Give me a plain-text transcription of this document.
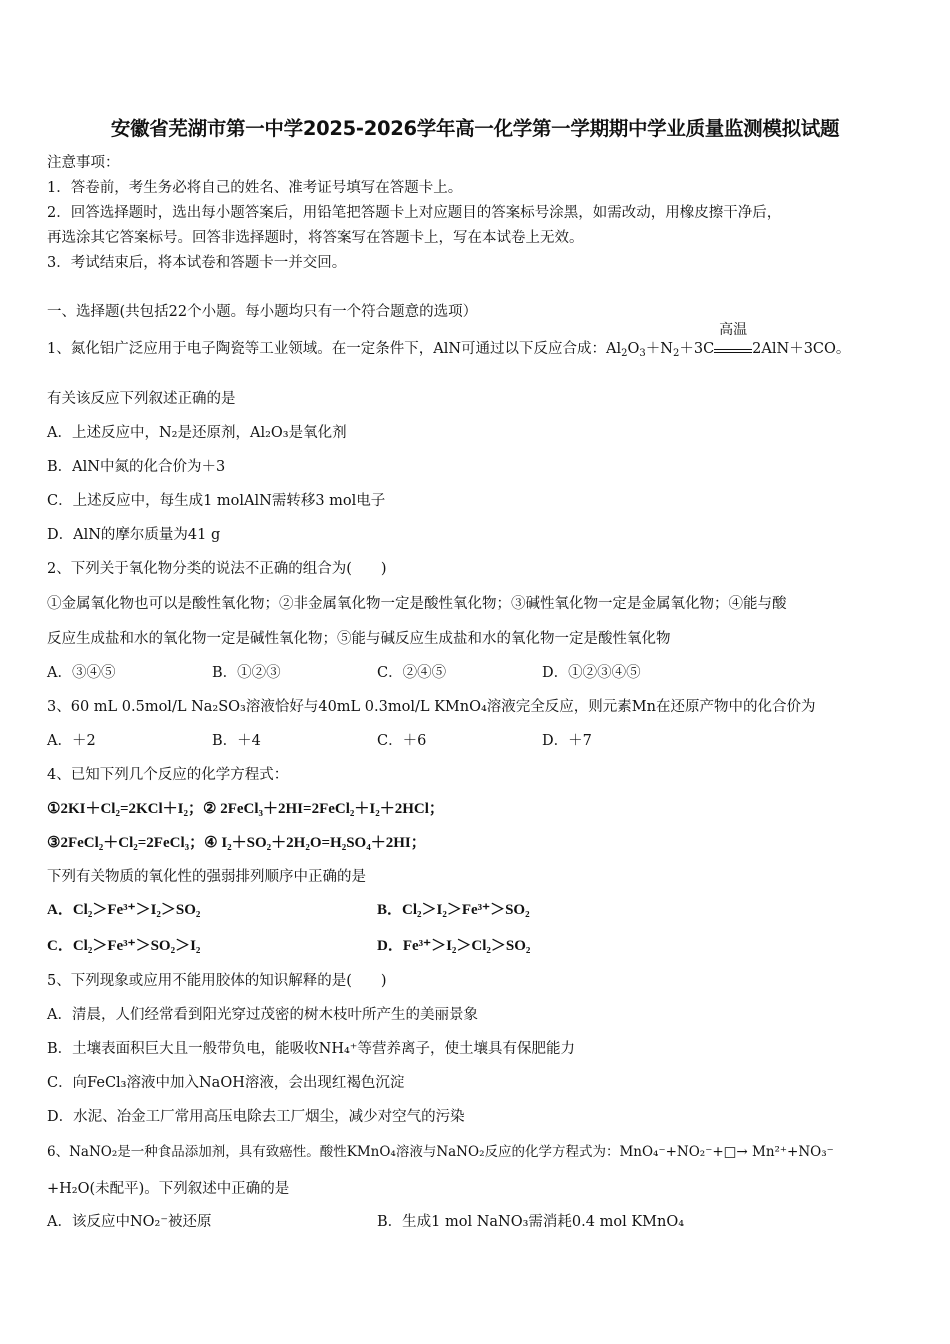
安徽省芜湖市第一中学2025-2026学年高一化学第一学期期中学业质量监测模拟试题
注意事项：
1．答卷前，考生务必将自己的姓名、准考证号填写在答题卡上。
2．回答选择题时，选出每小题答案后，用铅笔把答题卡上对应题目的答案标号涂黑，如需改动，用橡皮擦干净后，
再选涂其它答案标号。回答非选择题时，将答案写在答题卡上，写在本试卷上无效。
3．考试结束后，将本试卷和答题卡一并交回。
一、选择题(共包括22个小题。每小题均只有一个符合题意的选项）
1、氮化铝广泛应用于电子陶瓷等工业领域。在一定条件下，AlN可通过以下反应合成：$Al_2O_3+N_2+3C$
高温
2AlN＋3CO。
有关该反应下列叙述正确的是
A．上述反应中，N₂是还原剂，Al₂O₃是氧化剂
B．AlN中氮的化合价为＋3
C．上述反应中，每生成1 molAlN需转移3 mol电子
D．AlN的摩尔质量为41 g
2、下列关于氧化物分类的说法不正确的组合为(　　)
①金属氧化物也可以是酸性氧化物；②非金属氧化物一定是酸性氧化物；③碱性氧化物一定是金属氧化物；④能与酸
反应生成盐和水的氧化物一定是碱性氧化物；⑤能与碱反应生成盐和水的氧化物一定是酸性氧化物
A．③④⑤	B．①②③	C．②④⑤	D．①②③④⑤
3、60 mL 0.5mol/L Na₂SO₃溶液恰好与40mL 0.3mol/L KMnO₄溶液完全反应，则元素Mn在还原产物中的化合价为
A．＋2	B．＋4	C．＋6	D．＋7
4、已知下列几个反应的化学方程式：
①2KI＋Cl₂=2KCl＋I₂；② 2FeCl₃＋2HI=2FeCl₂＋I₂＋2HCl；
③2FeCl₂＋Cl₂=2FeCl₃；④ I₂＋SO₂＋2H₂O=H₂SO₄＋2HI；
下列有关物质的氧化性的强弱排列顺序中正确的是
A．Cl₂＞Fe³⁺＞I₂＞SO₂	B．Cl₂＞I₂＞Fe³⁺＞SO₂
C．Cl₂＞Fe³⁺＞SO₂＞I₂	D．Fe³⁺＞I₂＞Cl₂＞SO₂
5、下列现象或应用不能用胶体的知识解释的是(　　)
A．清晨，人们经常看到阳光穿过茂密的树木枝叶所产生的美丽景象
B．土壤表面积巨大且一般带负电，能吸收NH₄⁺等营养离子，使土壤具有保肥能力
C．向FeCl₃溶液中加入NaOH溶液，会出现红褐色沉淀
D．水泥、冶金工厂常用高压电除去工厂烟尘，减少对空气的污染
6、NaNO₂是一种食品添加剂，具有致癌性。酸性KMnO₄溶液与NaNO₂反应的化学方程式为：MnO₄⁻+NO₂⁻+□→ Mn²⁺+NO₃⁻
+H₂O(未配平)。下列叙述中正确的是
A．该反应中NO₂⁻被还原	B．生成1 mol NaNO₃需消耗0.4 mol KMnO₄
